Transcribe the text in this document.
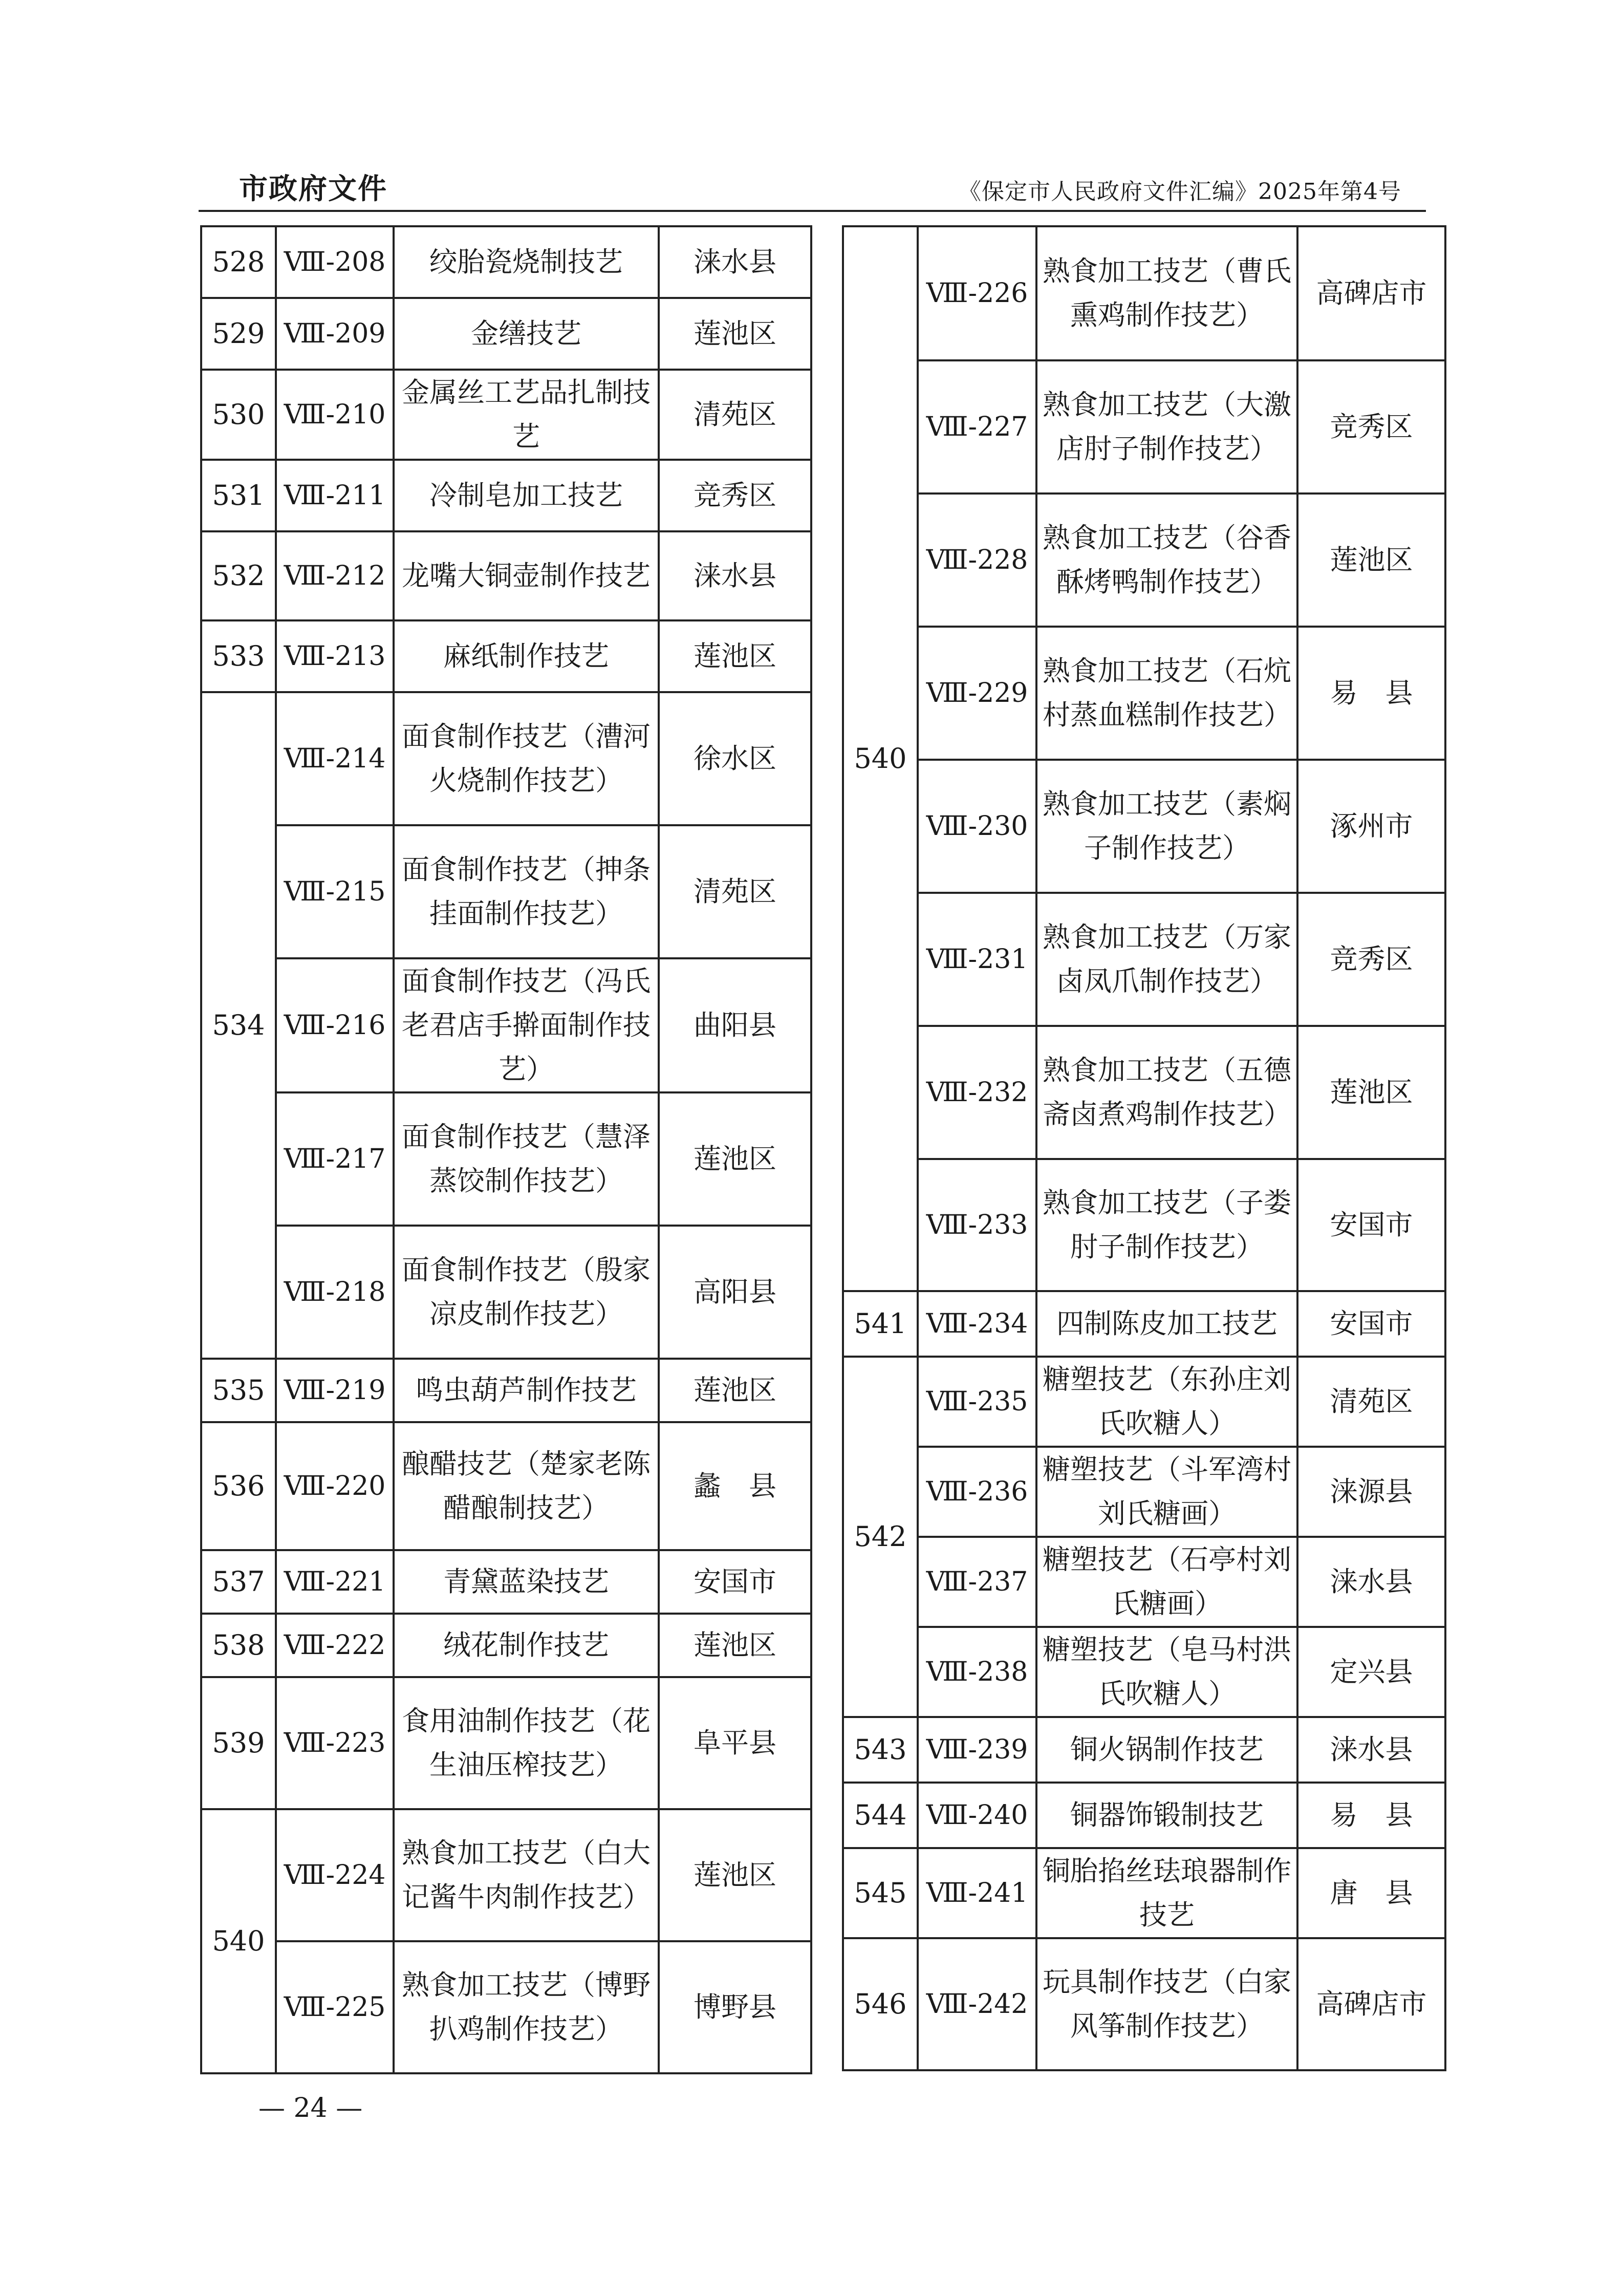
市政府文件	《保定市人民政府文件汇编》2025年第4号
528	Ⅷ-208	绞胎瓷烧制技艺	涞水县
529	Ⅷ-209	金缮技艺	莲池区
530	Ⅷ-210	金属丝工艺品扎制技艺	清苑区
531	Ⅷ-211	冷制皂加工技艺	竞秀区
532	Ⅷ-212	龙嘴大铜壶制作技艺	涞水县
533	Ⅷ-213	麻纸制作技艺	莲池区
534	Ⅷ-214	面食制作技艺（漕河火烧制作技艺）	徐水区
	Ⅷ-215	面食制作技艺（抻条挂面制作技艺）	清苑区
	Ⅷ-216	面食制作技艺（冯氏老君店手擀面制作技艺）	曲阳县
	Ⅷ-217	面食制作技艺（慧泽蒸饺制作技艺）	莲池区
	Ⅷ-218	面食制作技艺（殷家凉皮制作技艺）	高阳县
535	Ⅷ-219	鸣虫葫芦制作技艺	莲池区
536	Ⅷ-220	酿醋技艺（楚家老陈醋酿制技艺）	蠡　县
537	Ⅷ-221	青黛蓝染技艺	安国市
538	Ⅷ-222	绒花制作技艺	莲池区
539	Ⅷ-223	食用油制作技艺（花生油压榨技艺）	阜平县
540	Ⅷ-224	熟食加工技艺（白大记酱牛肉制作技艺）	莲池区
	Ⅷ-225	熟食加工技艺（博野扒鸡制作技艺）	博野县
540	Ⅷ-226	熟食加工技艺（曹氏熏鸡制作技艺）	高碑店市
	Ⅷ-227	熟食加工技艺（大激店肘子制作技艺）	竞秀区
	Ⅷ-228	熟食加工技艺（谷香酥烤鸭制作技艺）	莲池区
	Ⅷ-229	熟食加工技艺（石炕村蒸血糕制作技艺）	易　县
	Ⅷ-230	熟食加工技艺（素焖子制作技艺）	涿州市
	Ⅷ-231	熟食加工技艺（万家卤凤爪制作技艺）	竞秀区
	Ⅷ-232	熟食加工技艺（五德斋卤煮鸡制作技艺）	莲池区
	Ⅷ-233	熟食加工技艺（子娄肘子制作技艺）	安国市
541	Ⅷ-234	四制陈皮加工技艺	安国市
542	Ⅷ-235	糖塑技艺（东孙庄刘氏吹糖人）	清苑区
	Ⅷ-236	糖塑技艺（斗军湾村刘氏糖画）	涞源县
	Ⅷ-237	糖塑技艺（石亭村刘氏糖画）	涞水县
	Ⅷ-238	糖塑技艺（皂马村洪氏吹糖人）	定兴县
543	Ⅷ-239	铜火锅制作技艺	涞水县
544	Ⅷ-240	铜器饰锻制技艺	易　县
545	Ⅷ-241	铜胎掐丝珐琅器制作技艺	唐　县
546	Ⅷ-242	玩具制作技艺（白家风筝制作技艺）	高碑店市
— 24 —
